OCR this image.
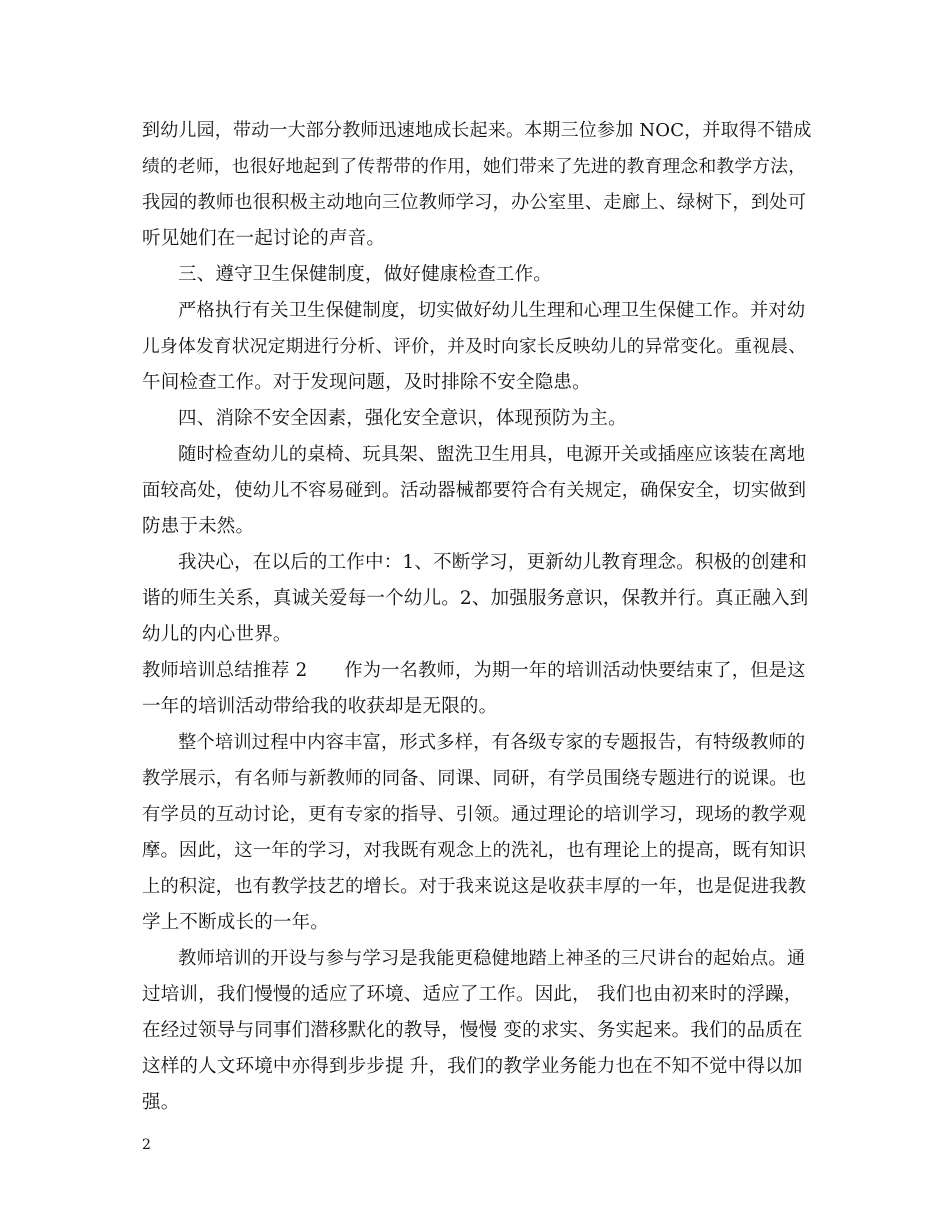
到幼儿园，带动一大部分教师迅速地成长起来。本期三位参加 NOC，并取得不错成
绩的老师，也很好地起到了传帮带的作用，她们带来了先进的教育理念和教学方法，
我园的教师也很积极主动地向三位教师学习，办公室里、走廊上、绿树下，到处可
听见她们在一起讨论的声音。
三、遵守卫生保健制度，做好健康检查工作。
严格执行有关卫生保健制度，切实做好幼儿生理和心理卫生保健工作。并对幼
儿身体发育状况定期进行分析、评价，并及时向家长反映幼儿的异常变化。重视晨、
午间检查工作。对于发现问题，及时排除不安全隐患。
四、消除不安全因素，强化安全意识，体现预防为主。
随时检查幼儿的桌椅、玩具架、盥洗卫生用具，电源开关或插座应该装在离地
面较高处，使幼儿不容易碰到。活动器械都要符合有关规定，确保安全，切实做到
防患于未然。
我决心，在以后的工作中：1、不断学习，更新幼儿教育理念。积极的创建和
谐的师生关系，真诚关爱每一个幼儿。2、加强服务意识，保教并行。真正融入到
幼儿的内心世界。
教师培训总结推荐 2　　作为一名教师，为期一年的培训活动快要结束了，但是这
一年的培训活动带给我的收获却是无限的。
整个培训过程中内容丰富，形式多样，有各级专家的专题报告，有特级教师的
教学展示，有名师与新教师的同备、同课、同研，有学员围绕专题进行的说课。也
有学员的互动讨论，更有专家的指导、引领。通过理论的培训学习，现场的教学观
摩。因此，这一年的学习，对我既有观念上的洗礼，也有理论上的提高，既有知识
上的积淀，也有教学技艺的增长。对于我来说这是收获丰厚的一年，也是促进我教
学上不断成长的一年。
教师培训的开设与参与学习是我能更稳健地踏上神圣的三尺讲台的起始点。通
过培训，我们慢慢的适应了环境、适应了工作。因此， 我们也由初来时的浮躁，
在经过领导与同事们潜移默化的教导，慢慢 变的求实、务实起来。我们的品质在
这样的人文环境中亦得到步步提 升，我们的教学业务能力也在不知不觉中得以加
强。
2
